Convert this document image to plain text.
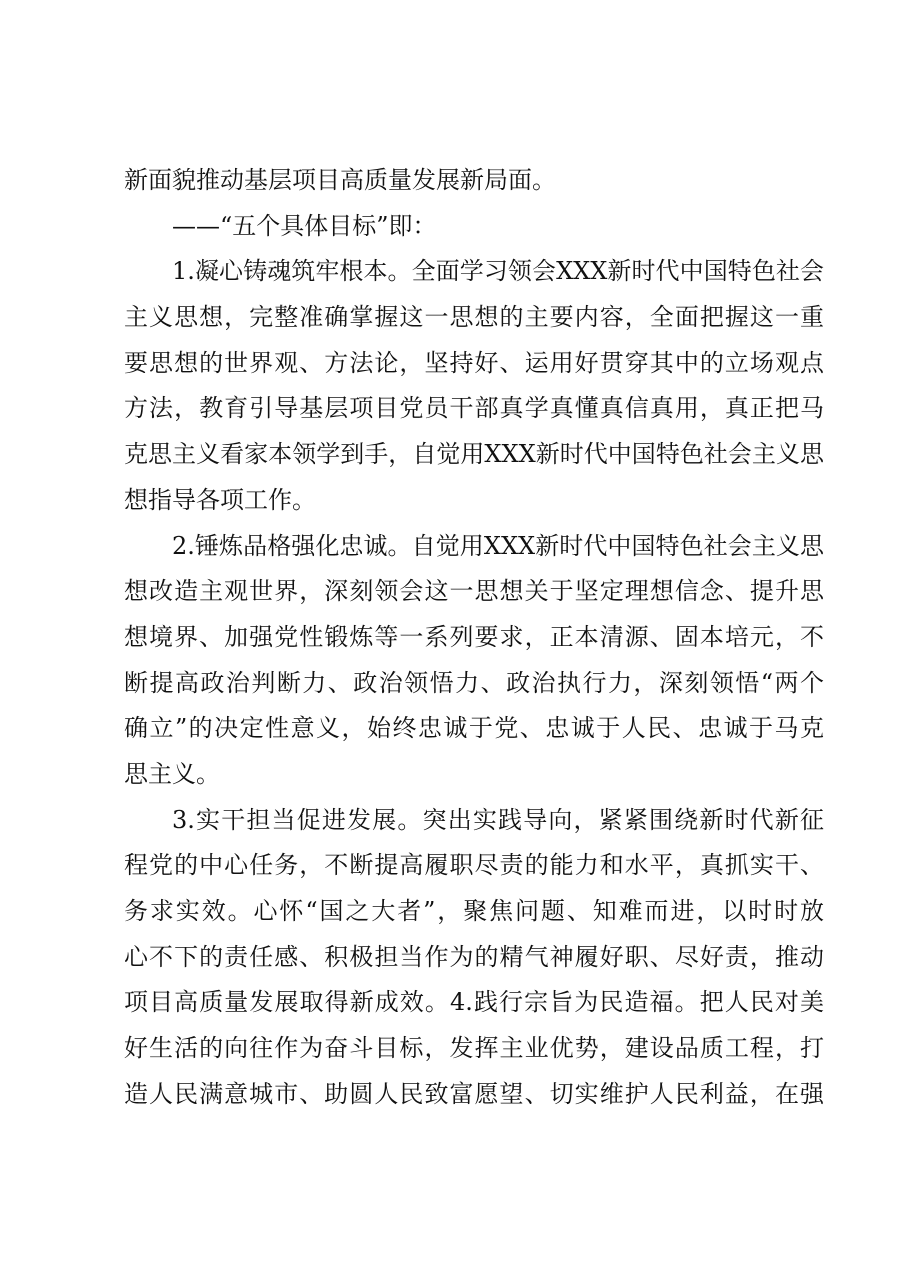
新面貌推动基层项目高质量发展新局面。
——“五个具体目标”即：
1.凝心铸魂筑牢根本。全面学习领会XXX新时代中国特色社会
主义思想，完整准确掌握这一思想的主要内容，全面把握这一重
要思想的世界观、方法论，坚持好、运用好贯穿其中的立场观点
方法，教育引导基层项目党员干部真学真懂真信真用，真正把马
克思主义看家本领学到手，自觉用XXX新时代中国特色社会主义思
想指导各项工作。
2.锤炼品格强化忠诚。自觉用XXX新时代中国特色社会主义思
想改造主观世界，深刻领会这一思想关于坚定理想信念、提升思
想境界、加强党性锻炼等一系列要求，正本清源、固本培元，不
断提高政治判断力、政治领悟力、政治执行力，深刻领悟“两个
确立”的决定性意义，始终忠诚于党、忠诚于人民、忠诚于马克
思主义。
3.实干担当促进发展。突出实践导向，紧紧围绕新时代新征
程党的中心任务，不断提高履职尽责的能力和水平，真抓实干、
务求实效。心怀“国之大者”，聚焦问题、知难而进，以时时放
心不下的责任感、积极担当作为的精气神履好职、尽好责，推动
项目高质量发展取得新成效。4.践行宗旨为民造福。把人民对美
好生活的向往作为奋斗目标，发挥主业优势，建设品质工程，打
造人民满意城市、助圆人民致富愿望、切实维护人民利益，在强
